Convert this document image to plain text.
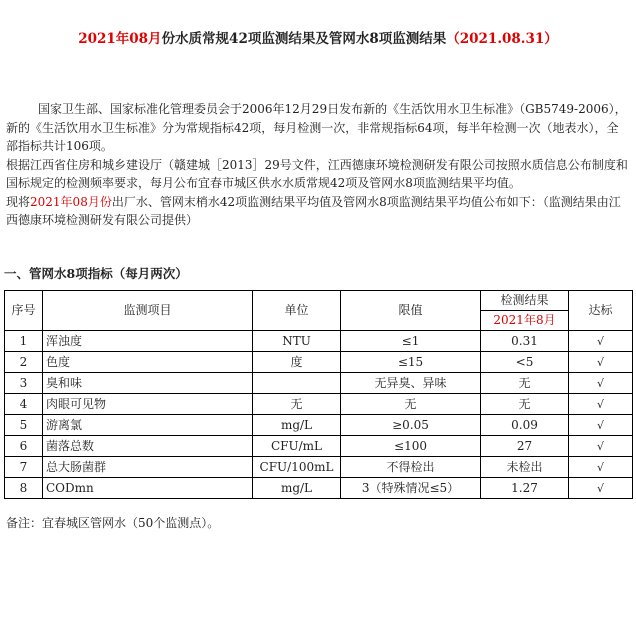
2021年08月份水质常规42项监测结果及管网水8项监测结果（2021.08.31）

国家卫生部、国家标准化管理委员会于2006年12月29日发布新的《生活饮用水卫生标准》（GB5749-2006），新的《生活饮用水卫生标准》分为常规指标42项，每月检测一次，非常规指标64项，每半年检测一次（地表水），全部指标共计106项。

根据江西省住房和城乡建设厅（赣建城［2013］29号文件，江西德康环境检测研发有限公司按照水质信息公布制度和国标规定的检测频率要求，每月公布宜春市城区供水水质常规42项及管网水8项监测结果平均值。

现将2021年08月份出厂水、管网末梢水42项监测结果平均值及管网水8项监测结果平均值公布如下：（监测结果由江西德康环境检测研发有限公司提供）

一、管网水8项指标（每月两次）
序号	监测项目	单位	限值	检测结果	达标
				2021年8月	
1	浑浊度	NTU	≤1	0.31	√
2	色度	度	≤15	<5	√
3	臭和味		无异臭、异味	无	√
4	肉眼可见物	无	无	无	√
5	游离氯	mg/L	≥0.05	0.09	√
6	菌落总数	CFU/mL	≤100	27	√
7	总大肠菌群	CFU/100mL	不得检出	未检出	√
8	CODmn	mg/L	3（特殊情况≤5）	1.27	√
备注：宜春城区管网水（50个监测点）。
